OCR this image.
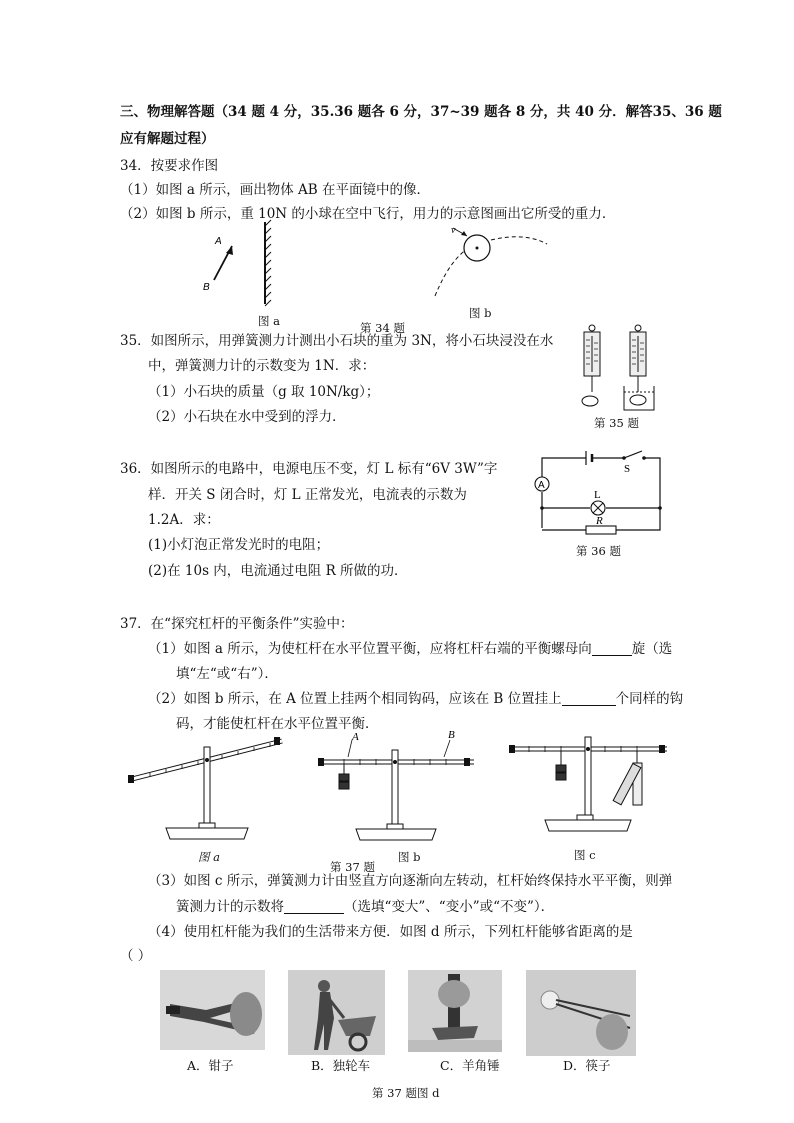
三、物理解答题（34 题 4 分，35.36 题各 6 分，37~39 题各 8 分，共 40 分．解答35、36 题
应有解题过程）
34．按要求作图
（1）如图 a 所示，画出物体 AB 在平面镜中的像．
（2）如图 b 所示，重 10N 的小球在空中飞行，用力的示意图画出它所受的重力．
A
B
v
图 a	第 34 题
图 b
35．如图所示，用弹簧测力计测出小石块的重为 3N，将小石块浸没在水
中，弹簧测力计的示数变为 1N．求：
（1）小石块的质量（g 取 10N/kg）；
（2）小石块在水中受到的浮力．	第 35 题
36．如图所示的电路中，电源电压不变，灯 L 标有“6V 3W”字
样．开关 S 闭合时，灯 L 正常发光，电流表的示数为
1.2A．求：
(1)小灯泡正常发光时的电阻；
(2)在 10s 内，电流通过电阻 R 所做的功．
A
S
L
R
第 36 题
37．在“探究杠杆的平衡条件”实验中：
（1）如图 a 所示，为使杠杆在水平位置平衡，应将杠杆右端的平衡螺母向	旋（选
填“左“或“右”）．
（2）如图 b 所示，在 A 位置上挂两个相同钩码，应该在 B 位置挂上	个同样的钩
码，才能使杠杆在水平位置平衡．
A	B
图 a
第 37 题
图 b	图 c
（3）如图 c 所示，弹簧测力计由竖直方向逐渐向左转动，杠杆始终保持水平平衡，则弹
簧测力计的示数将	（选填“变大”、“变小”或“不变”）．
（4）使用杠杆能为我们的生活带来方便．如图 d 所示，下列杠杆能够省距离的是
（ ）
A．钳子	B．独轮车	C．羊角锤	D．筷子
第 37 题图 d
